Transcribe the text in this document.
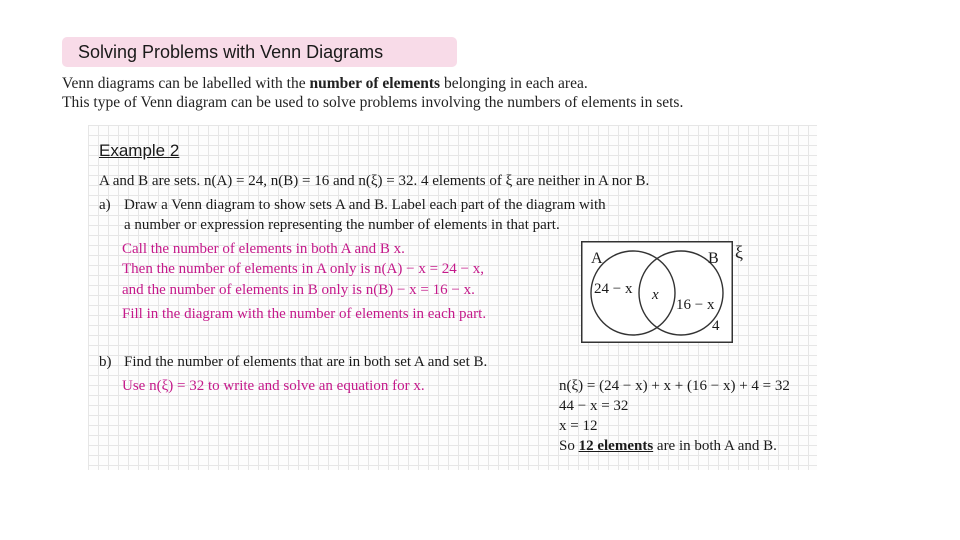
Solving Problems with Venn Diagrams
Venn diagrams can be labelled with the number of elements belonging in each area.
This type of Venn diagram can be used to solve problems involving the numbers of elements in sets.
Example 2
A and B are sets. n(A) = 24, n(B) = 16 and n(ξ) = 32. 4 elements of ξ are neither in A nor B.
a) Draw a Venn diagram to show sets A and B. Label each part of the diagram with
a number or expression representing the number of elements in that part.
Call the number of elements in both A and B x.
Then the number of elements in A only is n(A) − x = 24 − x,
and the number of elements in B only is n(B) − x = 16 − x.
Fill in the diagram with the number of elements in each part.
A	B
24 − x x
16 − x
4
ξ
b) Find the number of elements that are in both set A and set B.
Use n(ξ) = 32 to write and solve an equation for x.	n(ξ) = (24 − x) + x + (16 − x) + 4 = 32
44 − x = 32
x = 12
So 12 elements are in both A and B.
